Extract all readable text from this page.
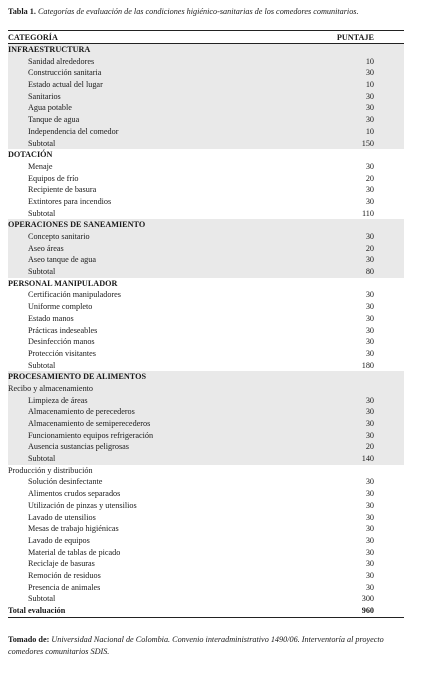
Tabla 1. Categorías de evaluación de las condiciones higiénico-sanitarias de los comedores comunitarios.
CATEGORÍA	PUNTAJE
INFRAESTRUCTURA
Sanidad alrededores	10
Construcción sanitaria	30
Estado actual del lugar	10
Sanitarios	30
Agua potable	30
Tanque de agua	30
Independencia del comedor	10
Subtotal	150
DOTACIÓN
Menaje	30
Equipos de frío	20
Recipiente de basura	30
Extintores para incendios	30
Subtotal	110
OPERACIONES DE SANEAMIENTO
Concepto sanitario	30
Aseo áreas	20
Aseo tanque de agua	30
Subtotal	80
PERSONAL MANIPULADOR
Certificación manipuladores	30
Uniforme completo	30
Estado manos	30
Prácticas indeseables	30
Desinfección manos	30
Protección visitantes	30
Subtotal	180
PROCESAMIENTO DE ALIMENTOS
Recibo y almacenamiento
Limpieza de áreas	30
Almacenamiento de perecederos	30
Almacenamiento de semiperecederos	30
Funcionamiento equipos refrigeración	30
Ausencia sustancias peligrosas	20
Subtotal	140
Producción y distribución
Solución desinfectante	30
Alimentos crudos separados	30
Utilización de pinzas y utensilios	30
Lavado de utensilios	30
Mesas de trabajo higiénicas	30
Lavado de equipos	30
Material de tablas de picado	30
Reciclaje de basuras	30
Remoción de residuos	30
Presencia de animales	30
Subtotal	300
Total evaluación	960
Tomado de: Universidad Nacional de Colombia. Convenio interadministrativo 1490/06. Interventoría al proyecto comedores comunitarios SDIS.
